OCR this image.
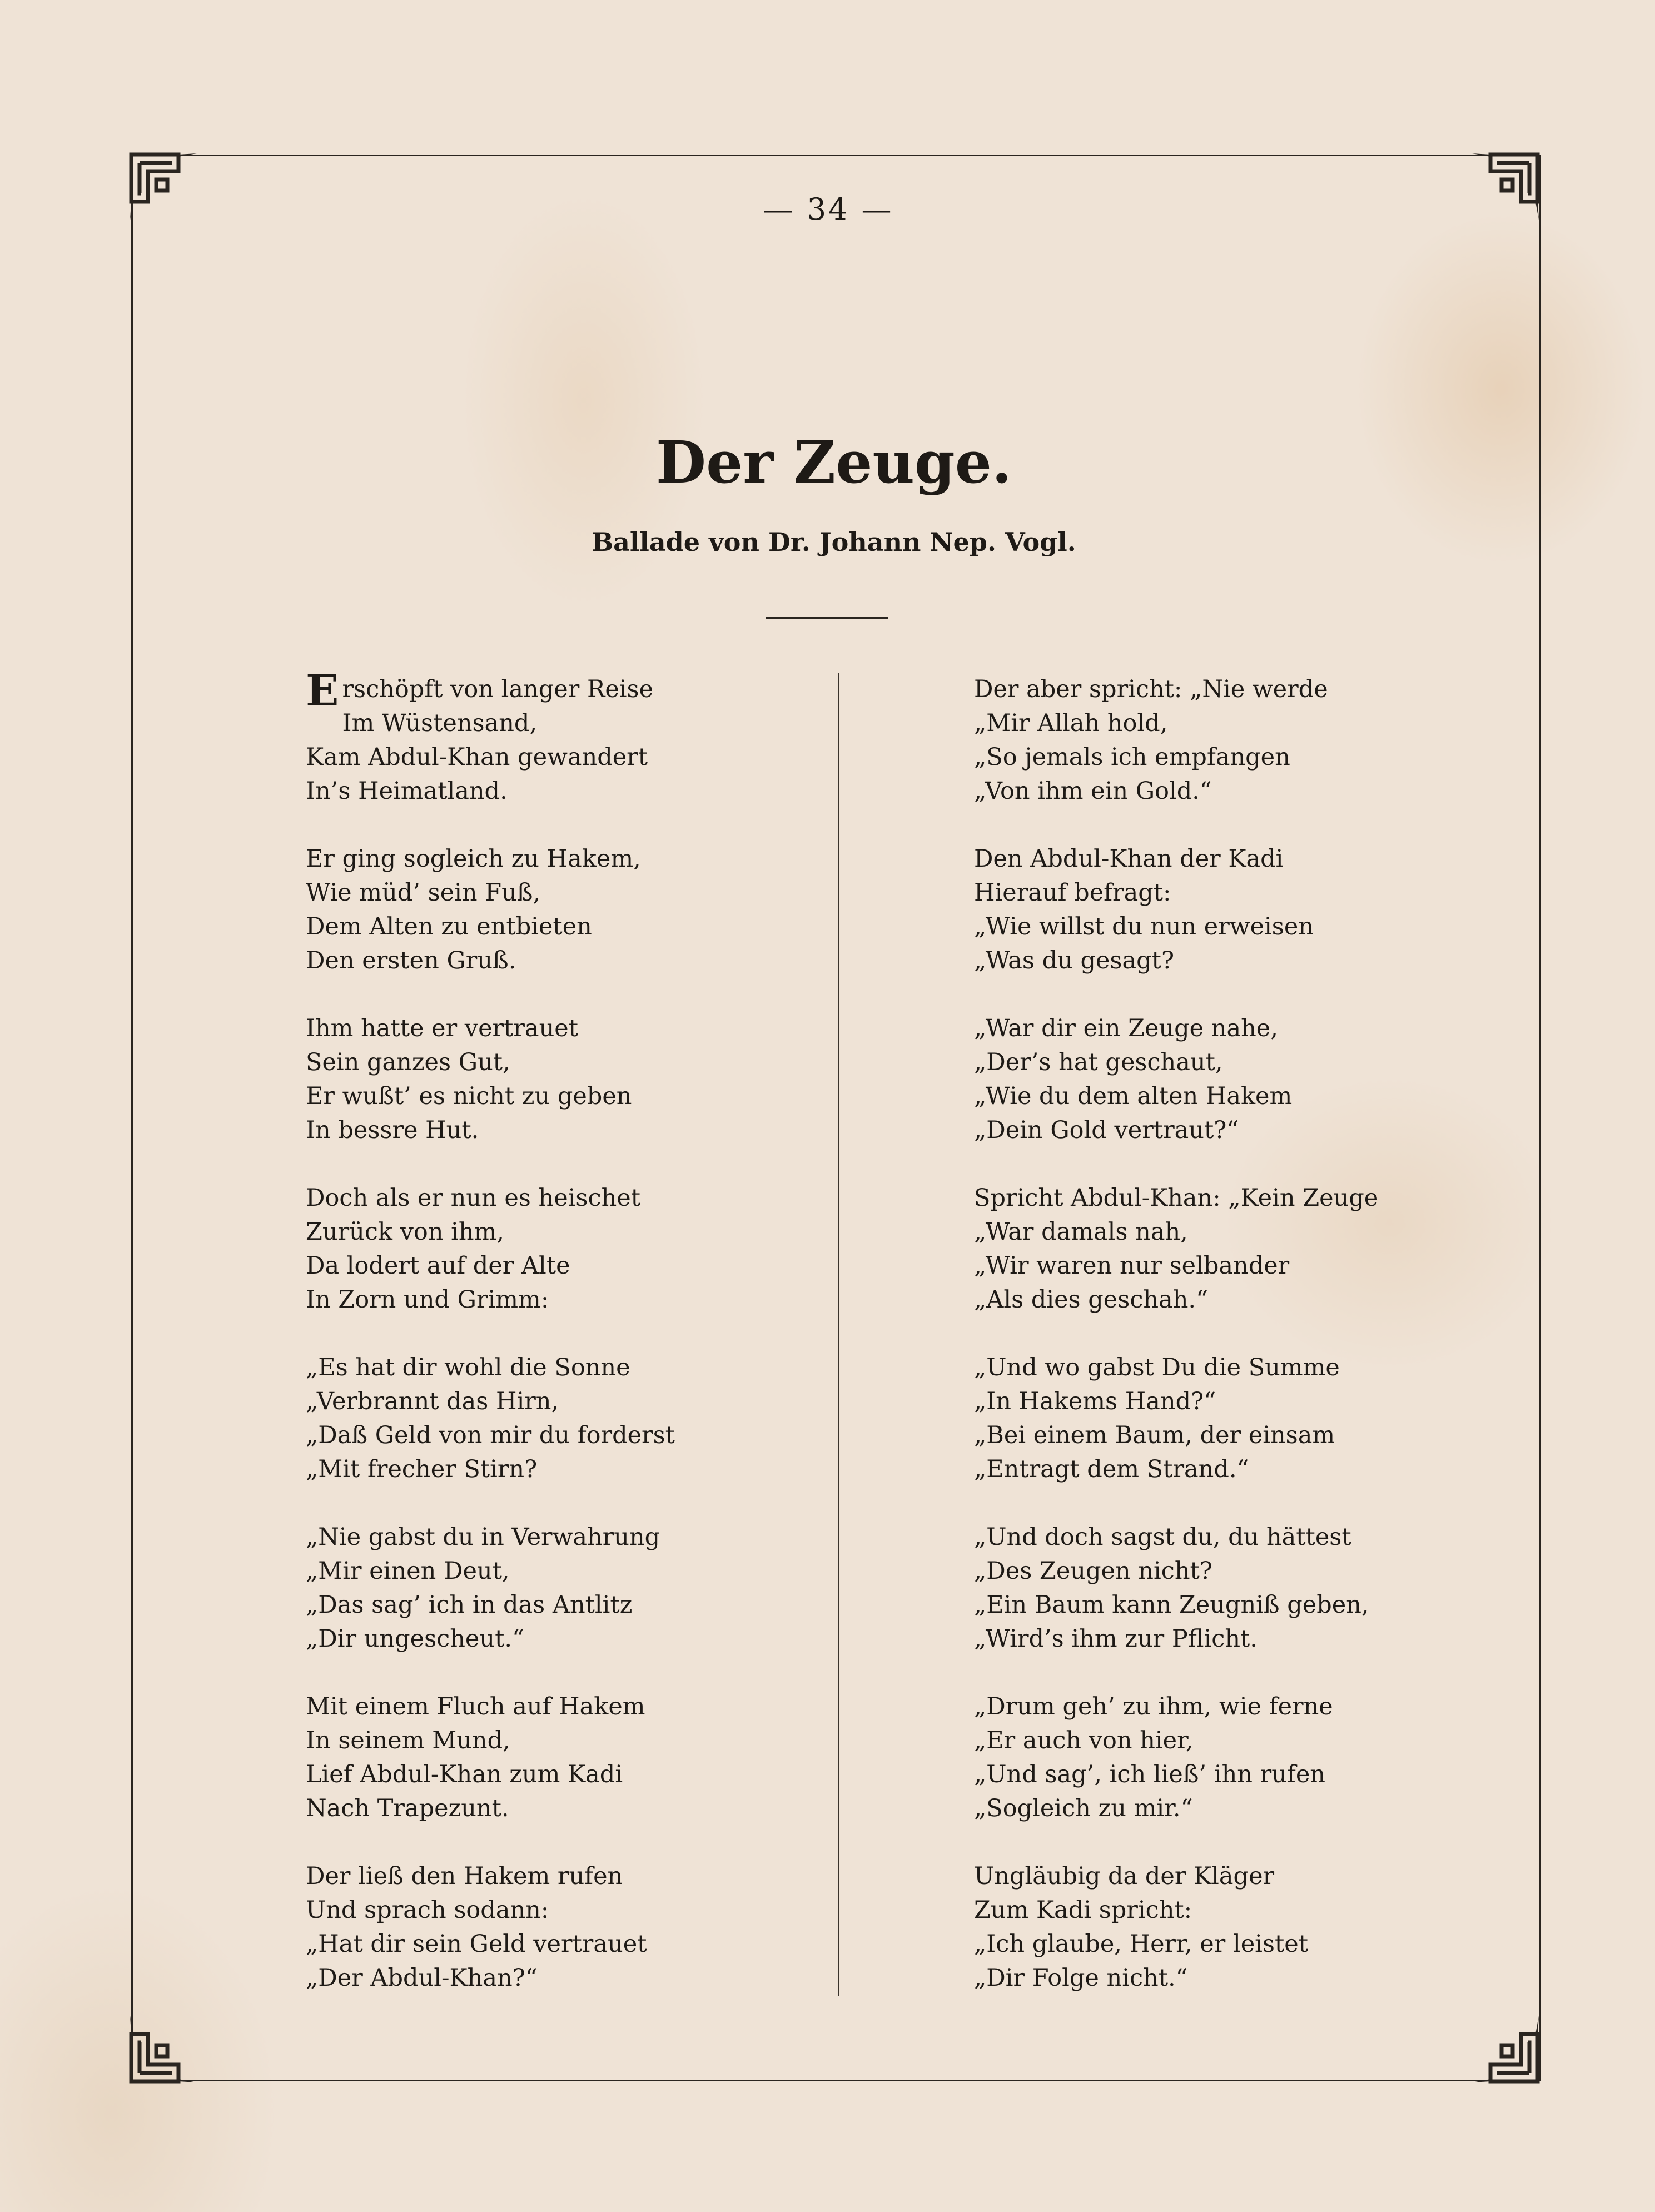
— 34 —
Der Zeuge.
Ballade von Dr. Johann Nep. Vogl.
Erschöpft von langer Reise
Im Wüstensand,
Kam Abdul-Khan gewandert
In’s Heimatland.
Er ging sogleich zu Hakem,
Wie müd’ sein Fuß,
Dem Alten zu entbieten
Den ersten Gruß.
Ihm hatte er vertrauet
Sein ganzes Gut,
Er wußt’ es nicht zu geben
In bessre Hut.
Doch als er nun es heischet
Zurück von ihm,
Da lodert auf der Alte
In Zorn und Grimm:
„Es hat dir wohl die Sonne
„Verbrannt das Hirn,
„Daß Geld von mir du forderst
„Mit frecher Stirn?
„Nie gabst du in Verwahrung
„Mir einen Deut,
„Das sag’ ich in das Antlitz
„Dir ungescheut.“
Mit einem Fluch auf Hakem
In seinem Mund,
Lief Abdul-Khan zum Kadi
Nach Trapezunt.
Der ließ den Hakem rufen
Und sprach sodann:
„Hat dir sein Geld vertrauet
„Der Abdul-Khan?“
Der aber spricht: „Nie werde
„Mir Allah hold,
„So jemals ich empfangen
„Von ihm ein Gold.“
Den Abdul-Khan der Kadi
Hierauf befragt:
„Wie willst du nun erweisen
„Was du gesagt?
„War dir ein Zeuge nahe,
„Der’s hat geschaut,
„Wie du dem alten Hakem
„Dein Gold vertraut?“
Spricht Abdul-Khan: „Kein Zeuge
„War damals nah,
„Wir waren nur selbander
„Als dies geschah.“
„Und wo gabst Du die Summe
„In Hakems Hand?“
„Bei einem Baum, der einsam
„Entragt dem Strand.“
„Und doch sagst du, du hättest
„Des Zeugen nicht?
„Ein Baum kann Zeugniß geben,
„Wird’s ihm zur Pflicht.
„Drum geh’ zu ihm, wie ferne
„Er auch von hier,
„Und sag’, ich ließ’ ihn rufen
„Sogleich zu mir.“
Ungläubig da der Kläger
Zum Kadi spricht:
„Ich glaube, Herr, er leistet
„Dir Folge nicht.“
